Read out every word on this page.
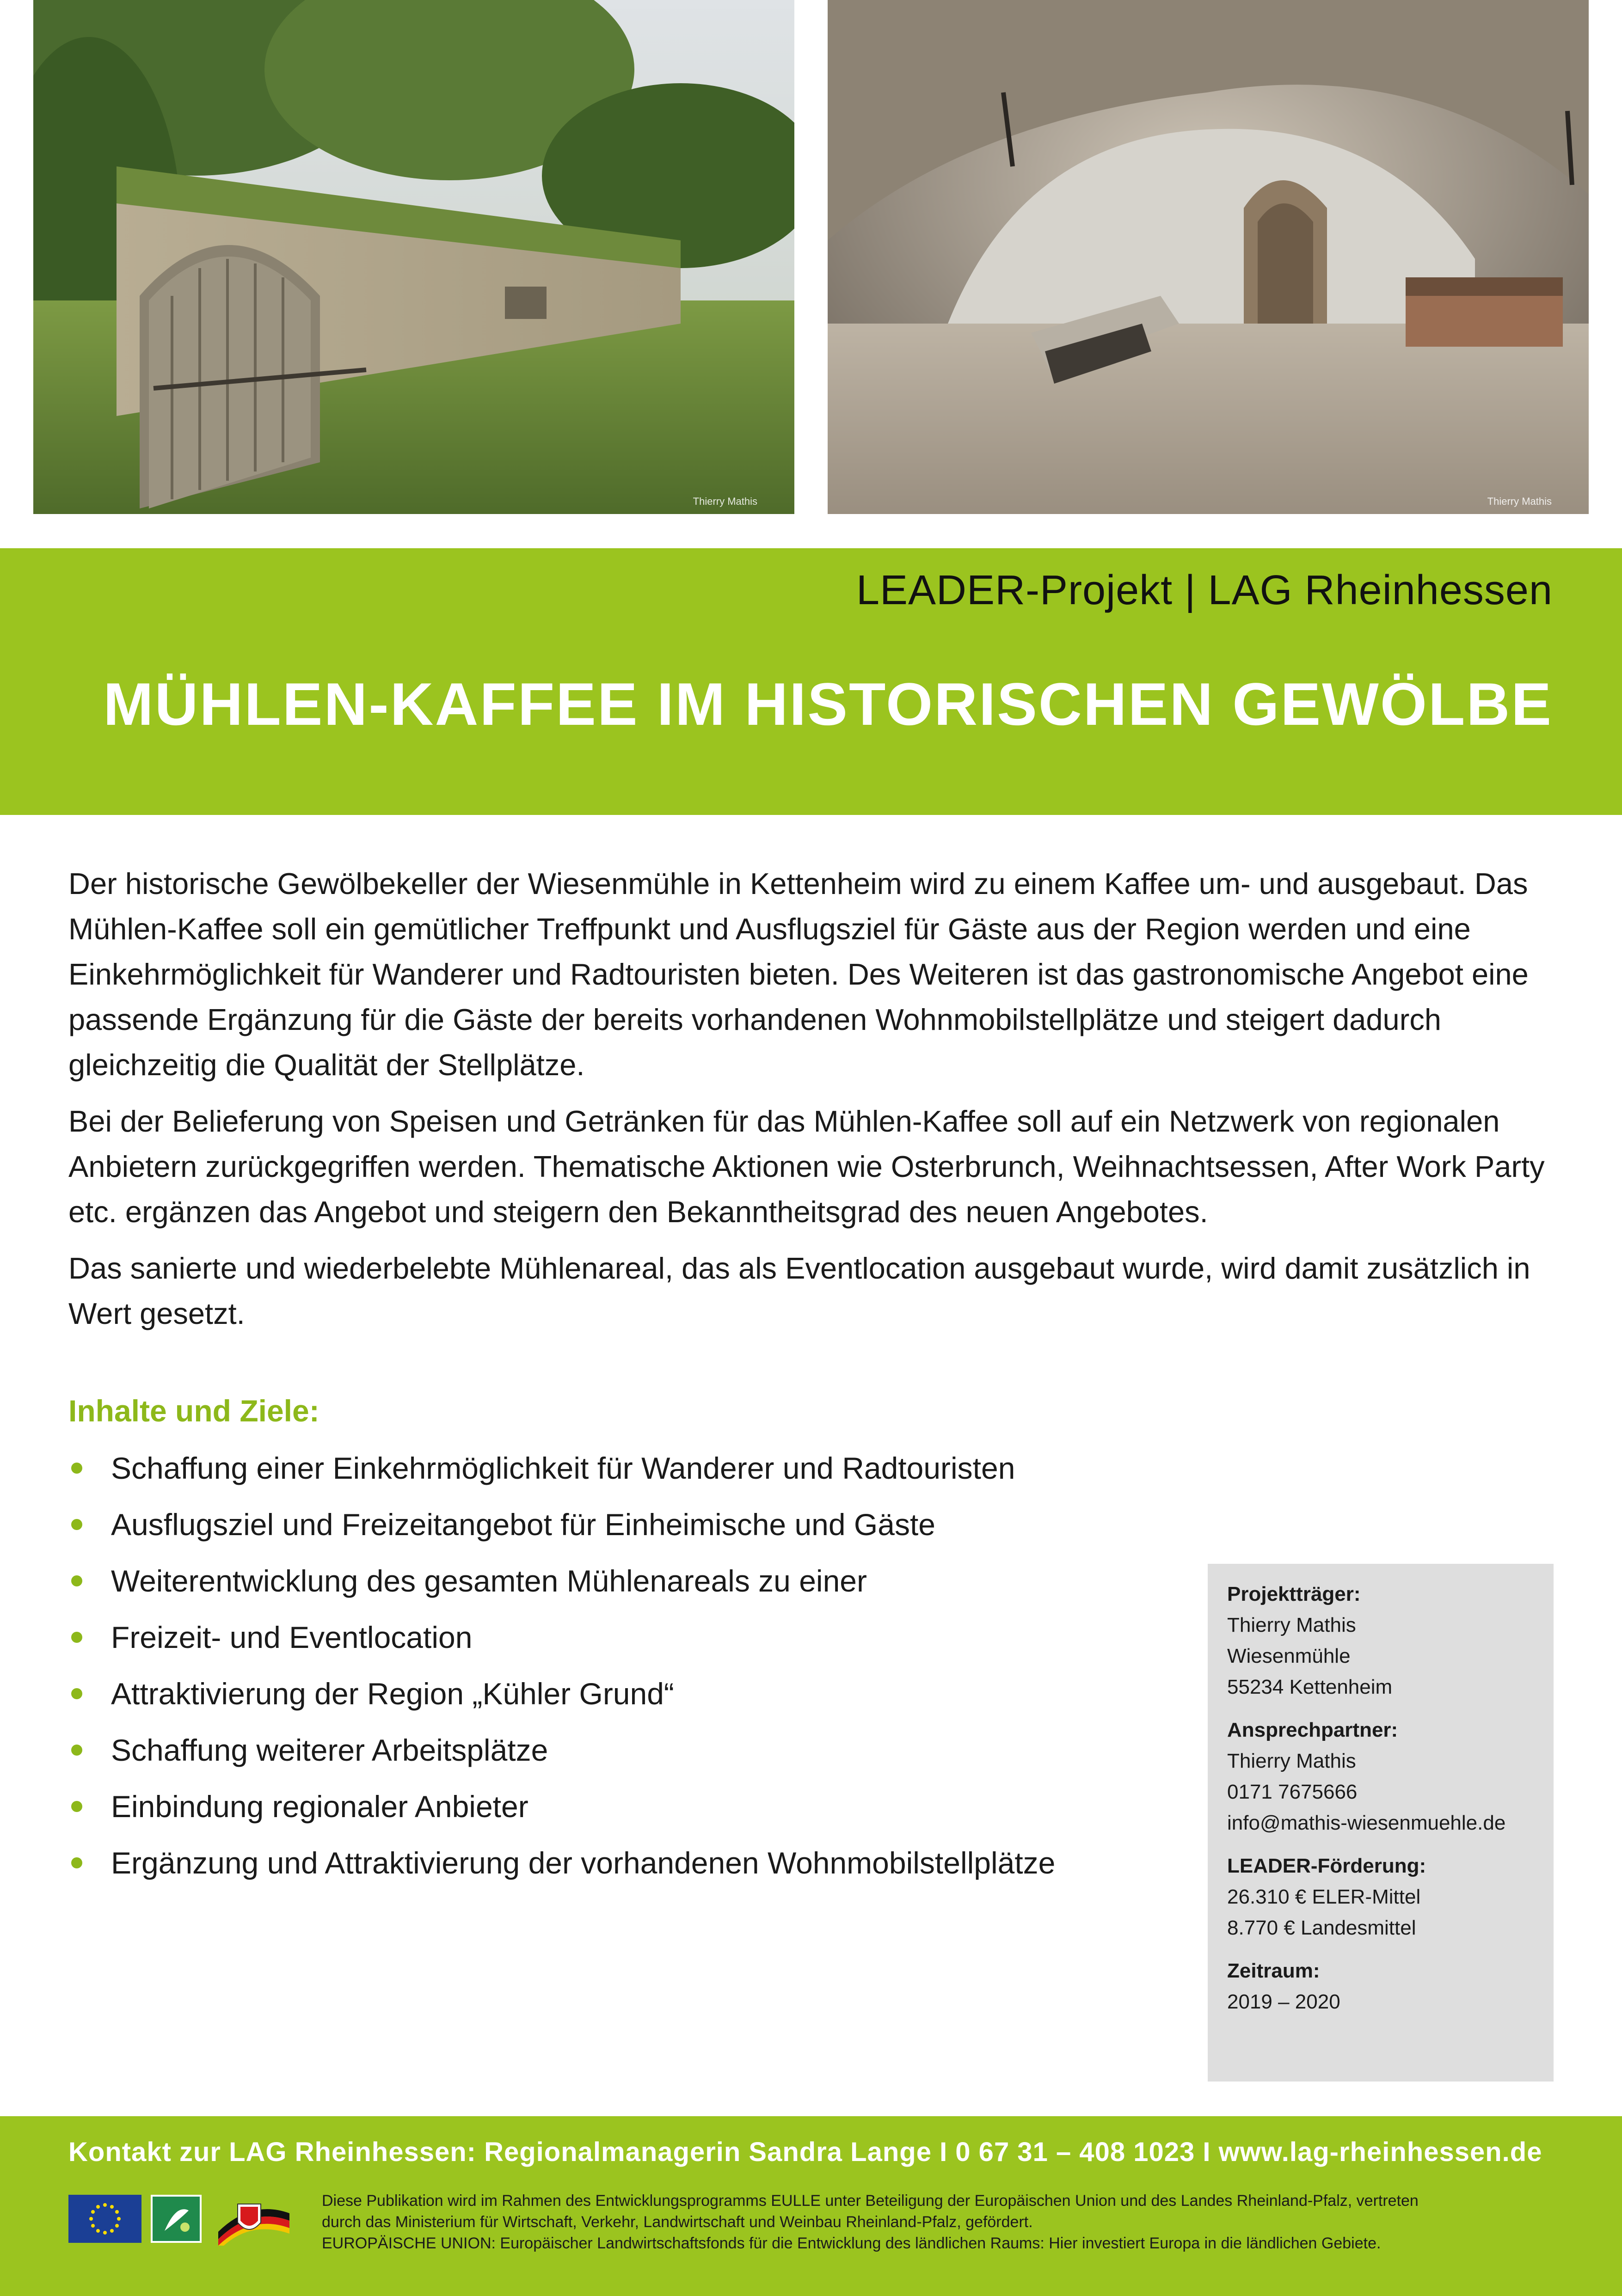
Thierry Mathis	Thierry Mathis
LEADER-Projekt | LAG Rheinhessen
MÜHLEN-KAFFEE IM HISTORISCHEN GEWÖLBE

Der historische Gewölbekeller der Wiesenmühle in Kettenheim wird zu einem Kaffee um- und ausgebaut. Das Mühlen-Kaffee soll ein gemütlicher Treffpunkt und Ausflugsziel für Gäste aus der Region werden und eine Einkehrmöglichkeit für Wanderer und Radtouristen bieten. Des Weiteren ist das gastronomische Angebot eine passende Ergänzung für die Gäste der bereits vorhandenen Wohnmobilstellplätze und steigert dadurch gleichzeitig die Qualität der Stellplätze.

Bei der Belieferung von Speisen und Getränken für das Mühlen-Kaffee soll auf ein Netzwerk von regionalen Anbietern zurückgegriffen werden. Thematische Aktionen wie Osterbrunch, Weihnachtsessen, After Work Party etc. ergänzen das Angebot und steigern den Bekanntheitsgrad des neuen Angebotes.

Das sanierte und wiederbelebte Mühlenareal, das als Eventlocation ausgebaut wurde, wird damit zusätzlich in Wert gesetzt.

Inhalte und Ziele:
Schaffung einer Einkehrmöglichkeit für Wanderer und Radtouristen
Ausflugsziel und Freizeitangebot für Einheimische und Gäste
Weiterentwicklung des gesamten Mühlenareals zu einer
Freizeit- und Eventlocation
Attraktivierung der Region „Kühler Grund“
Schaffung weiterer Arbeitsplätze
Einbindung regionaler Anbieter
Ergänzung und Attraktivierung der vorhandenen Wohnmobilstellplätze
Projektträger:
Thierry Mathis
Wiesenmühle
55234 Kettenheim
Ansprechpartner:
Thierry Mathis
0171 7675666
info@mathis-wiesenmuehle.de
LEADER-Förderung:
26.310 € ELER-Mittel
8.770 € Landesmittel
Zeitraum:
2019 – 2020
Kontakt zur LAG Rheinhessen: Regionalmanagerin Sandra Lange I 0 67 31 – 408 1023 I www.lag-rheinhessen.de
Diese Publikation wird im Rahmen des Entwicklungsprogramms EULLE unter Beteiligung der Europäischen Union und des Landes Rheinland-Pfalz, vertreten
durch das Ministerium für Wirtschaft, Verkehr, Landwirtschaft und Weinbau Rheinland-Pfalz, gefördert.
EUROPÄISCHE UNION: Europäischer Landwirtschaftsfonds für die Entwicklung des ländlichen Raums: Hier investiert Europa in die ländlichen Gebiete.
